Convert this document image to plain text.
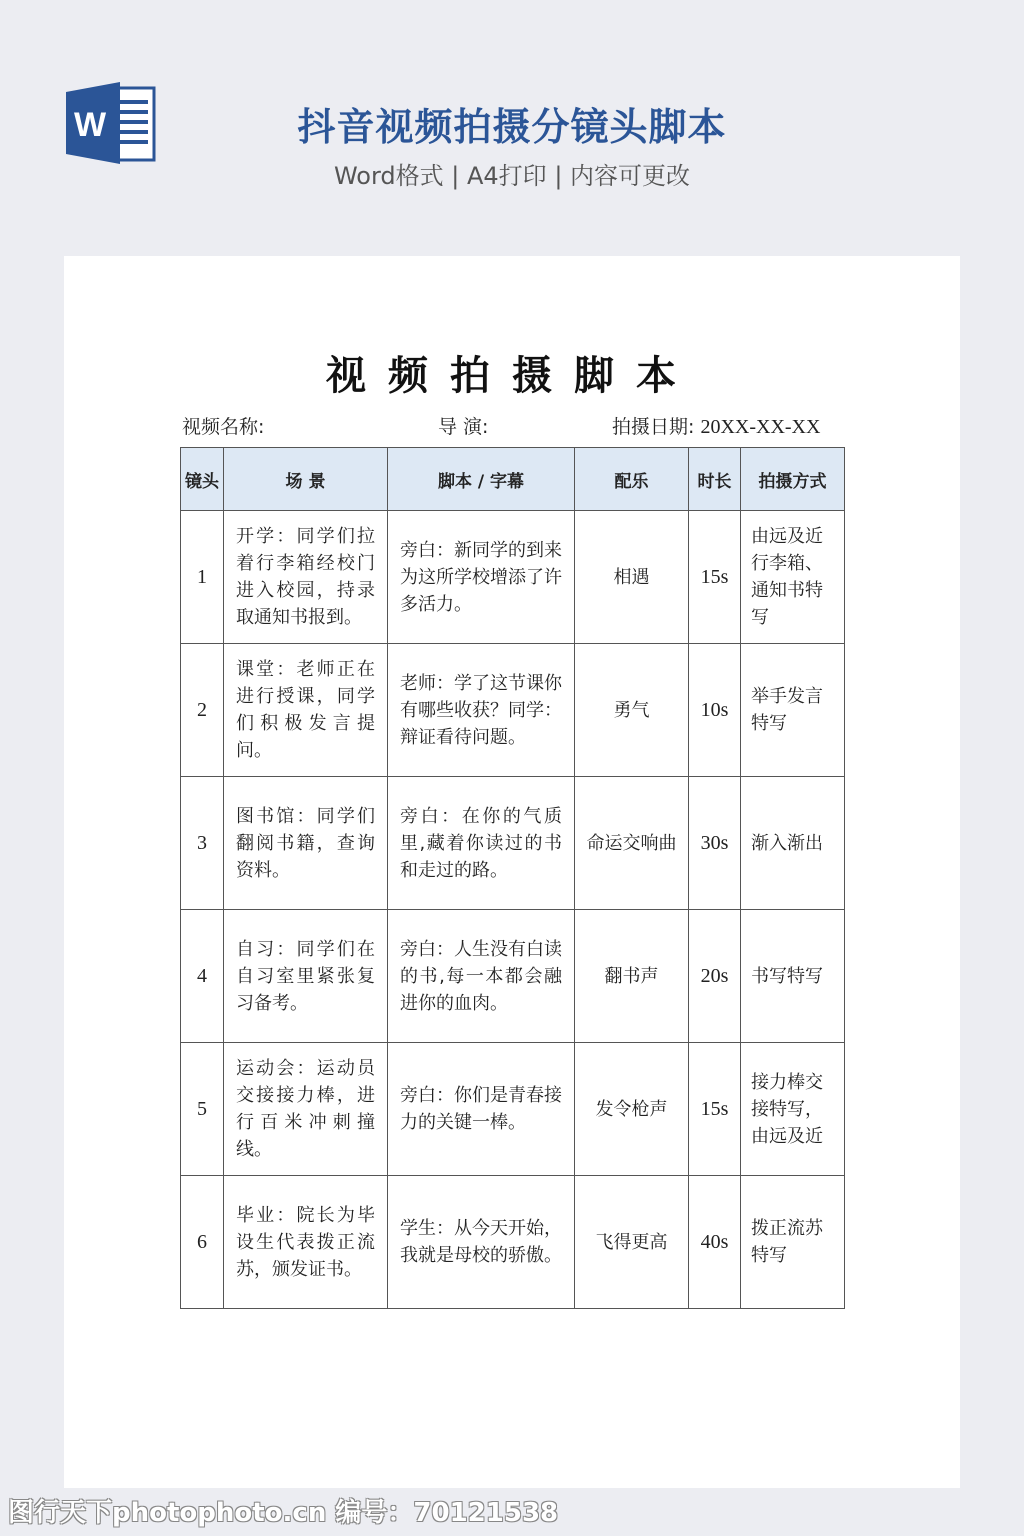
W	抖音视频拍摄分镜头脚本
Word格式 | A4打印 | 内容可更改
视频拍摄脚本
视频名称:	导 演:	拍摄日期: 20XX-XX-XX
镜头	场 景	脚本 / 字幕	配乐	时长	拍摄方式
1	开学：同学们拉着行李箱经校门进入校园，持录取通知书报到。	旁白：新同学的到来为这所学校增添了许多活力。	相遇	15s	由远及近行李箱、通知书特写
2	课堂：老师正在进行授课，同学们积极发言提问。	老师：学了这节课你有哪些收获？同学：辩证看待问题。	勇气	10s	举手发言特写
3	图书馆：同学们翻阅书籍，查询资料。	旁白：在你的气质里,藏着你读过的书和走过的路。	命运交响曲	30s	渐入渐出
4	自习：同学们在自习室里紧张复习备考。	旁白：人生没有白读的书,每一本都会融进你的血肉。	翻书声	20s	书写特写
5	运动会：运动员交接接力棒，进行百米冲刺撞线。	旁白：你们是青春接力的关键一棒。	发令枪声	15s	接力棒交接特写，由远及近
6	毕业：院长为毕设生代表拨正流苏，颁发证书。	学生：从今天开始，我就是母校的骄傲。	飞得更高	40s	拨正流苏特写
图行天下photophoto.cn 编号：70121538
